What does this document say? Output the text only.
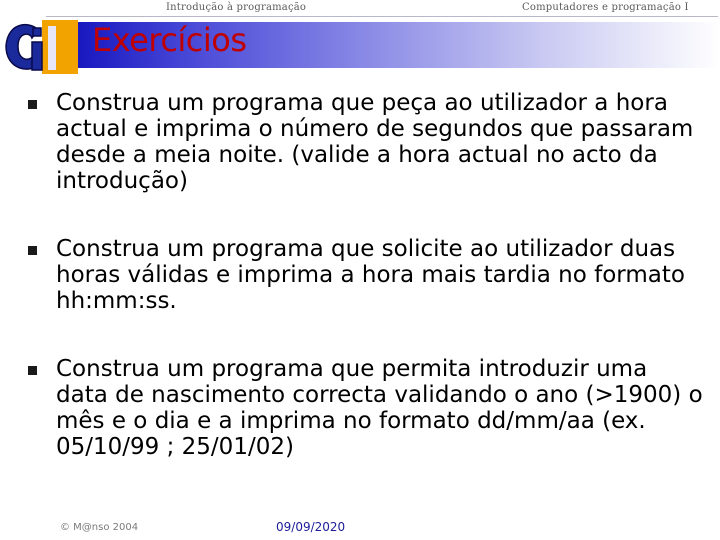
Introdução à programação	Computadores e programação I
Exercícios
Construa um programa que peça ao utilizador a hora actual e imprima o número de segundos que passaram desde a meia noite. (valide a hora actual no acto da introdução)
Construa um programa que solicite ao utilizador duas horas válidas e imprima a hora mais tardia no formato hh:mm:ss.
Construa um programa que permita introduzir uma data de nascimento correcta validando o ano (>1900) o mês e o dia e a imprima no formato dd/mm/aa (ex. 05/10/99 ; 25/01/02)
© M@nso 2004	09/09/2020
